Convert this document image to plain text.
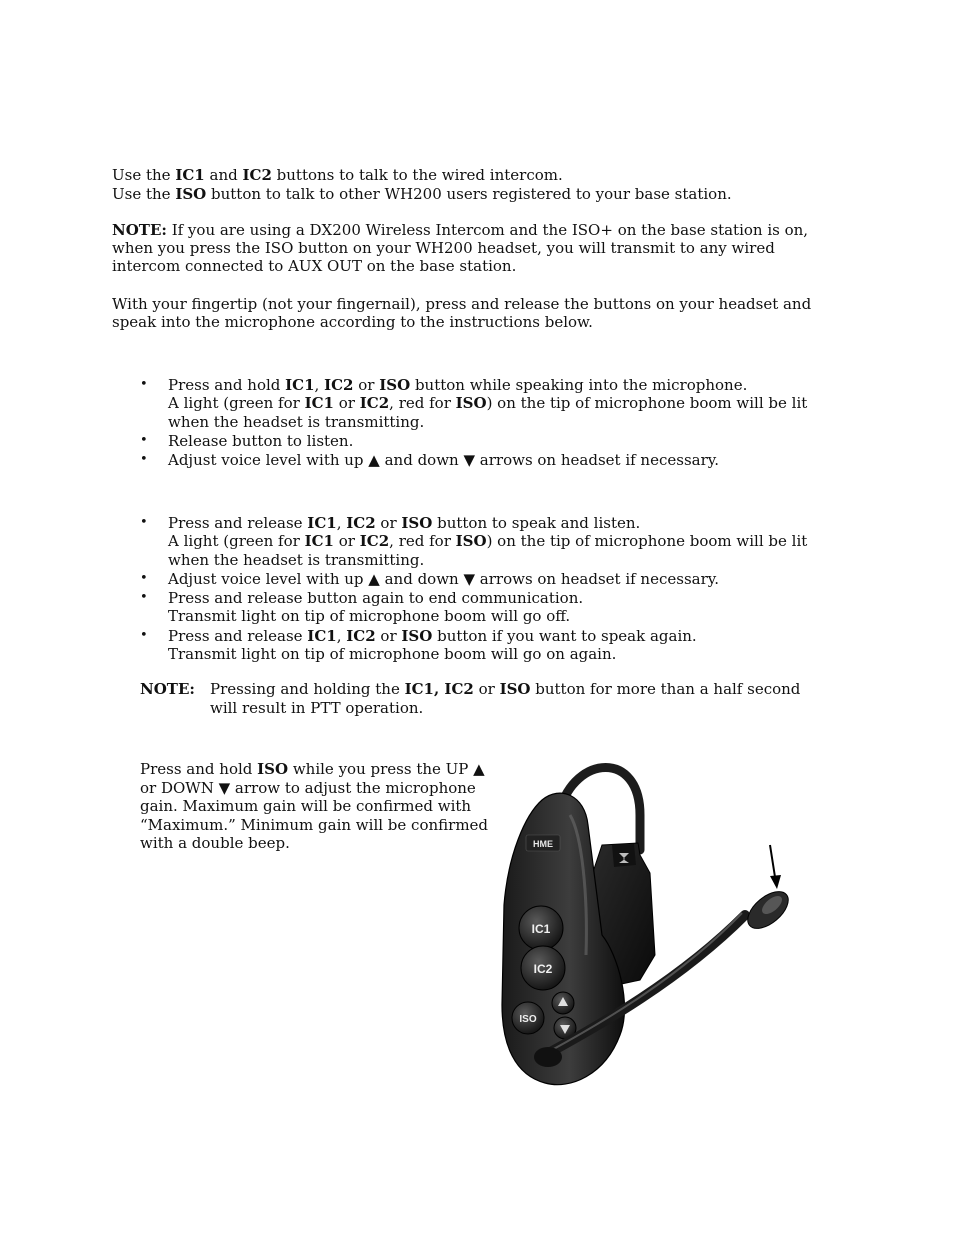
Use the IC1 and IC2 buttons to talk to the wired intercom.
Use the ISO button to talk to other WH200 users registered to your base station.
NOTE: If you are using a DX200 Wireless Intercom and the ISO+ on the base station is on, when you press the ISO button on your WH200 headset, you will transmit to any wired intercom connected to AUX OUT on the base station.
With your fingertip (not your fingernail), press and release the buttons on your headset and speak into the microphone according to the instructions below.
• Press and hold IC1, IC2 or ISO button while speaking into the microphone.
A light (green for IC1 or IC2, red for ISO) on the tip of microphone boom will be lit when the headset is transmitting.
• Release button to listen.
• Adjust voice level with up ▲ and down ▼ arrows on headset if necessary.
• Press and release IC1, IC2 or ISO button to speak and listen.
A light (green for IC1 or IC2, red for ISO) on the tip of microphone boom will be lit when the headset is transmitting.
• Adjust voice level with up ▲ and down ▼ arrows on headset if necessary.
• Press and release button again to end communication.
Transmit light on tip of microphone boom will go off.
• Press and release IC1, IC2 or ISO button if you want to speak again.
Transmit light on tip of microphone boom will go on again.
NOTE: Pressing and holding the IC1, IC2 or ISO button for more than a half second will result in PTT operation.
Press and hold ISO while you press the UP ▲ or DOWN ▼ arrow to adjust the microphone gain. Maximum gain will be confirmed with “Maximum.” Minimum gain will be confirmed with a double beep.	HME
IC1
IC2
ISO
